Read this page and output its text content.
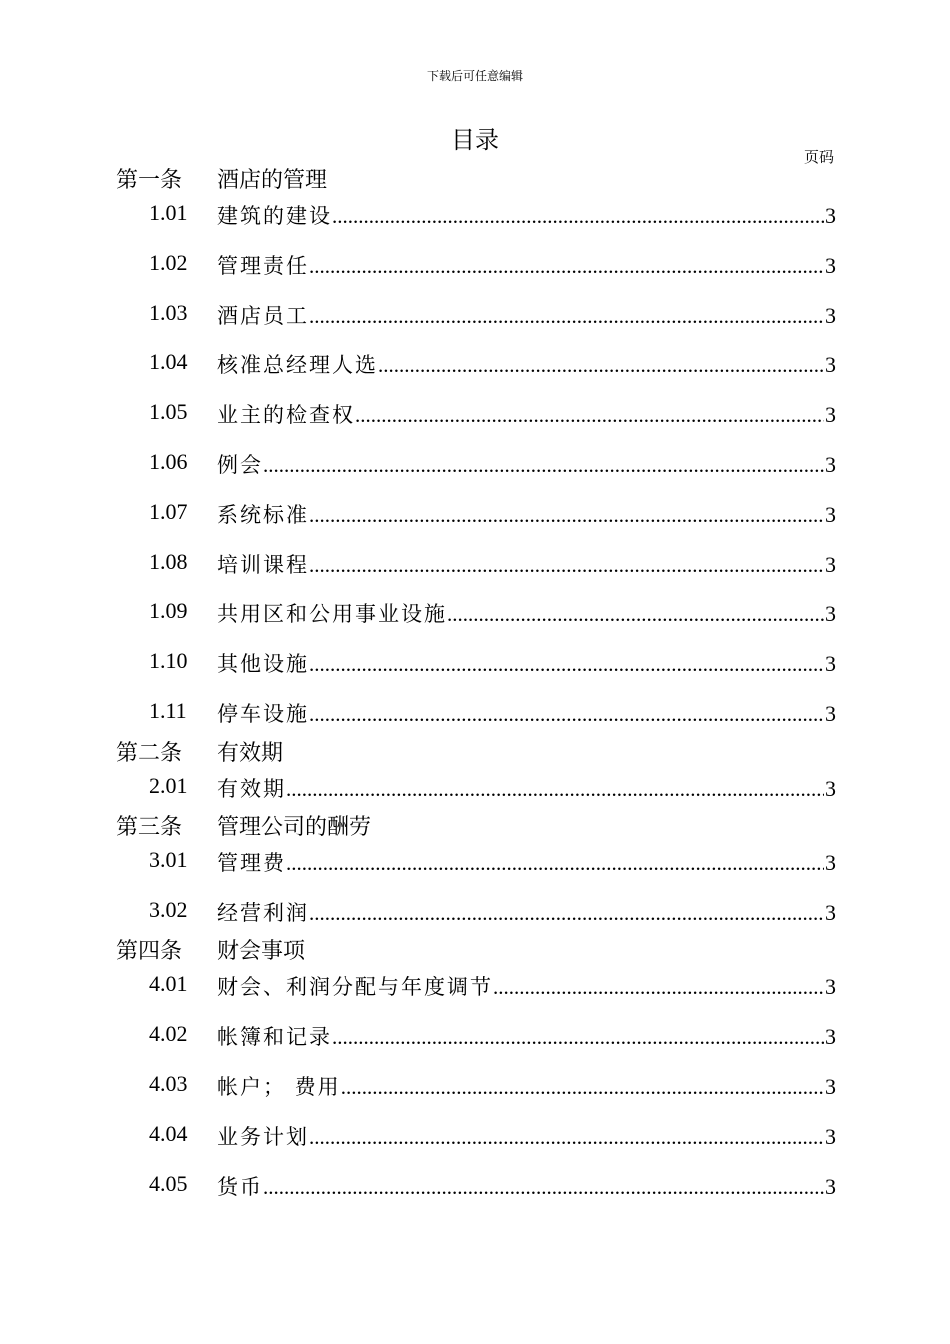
下载后可任意编辑
目录
页码
第一条 酒店的管理
1.01 建筑的建设 .....	3
1.02 管理责任 .....	3
1.03 酒店员工 .....	3
1.04 核准总经理人选 .....	3
1.05 业主的检查权 .....	3
1.06 例会 .....	3
1.07 系统标准 .....	3
1.08 培训课程 .....	3
1.09 共用区和公用事业设施 .....	3
1.10 其他设施 .....	3
1.11 停车设施 .....	3
第二条 有效期
2.01 有效期 .....	3
第三条 管理公司的酬劳
3.01 管理费 .....	3
3.02 经营利润 .....	3
第四条 财会事项
4.01 财会、利润分配与年度调节 .....	3
4.02 帐簿和记录 .....	3
4.03 帐户； 费用 .....	3
4.04 业务计划 .....	3
4.05 货币 .....	3
